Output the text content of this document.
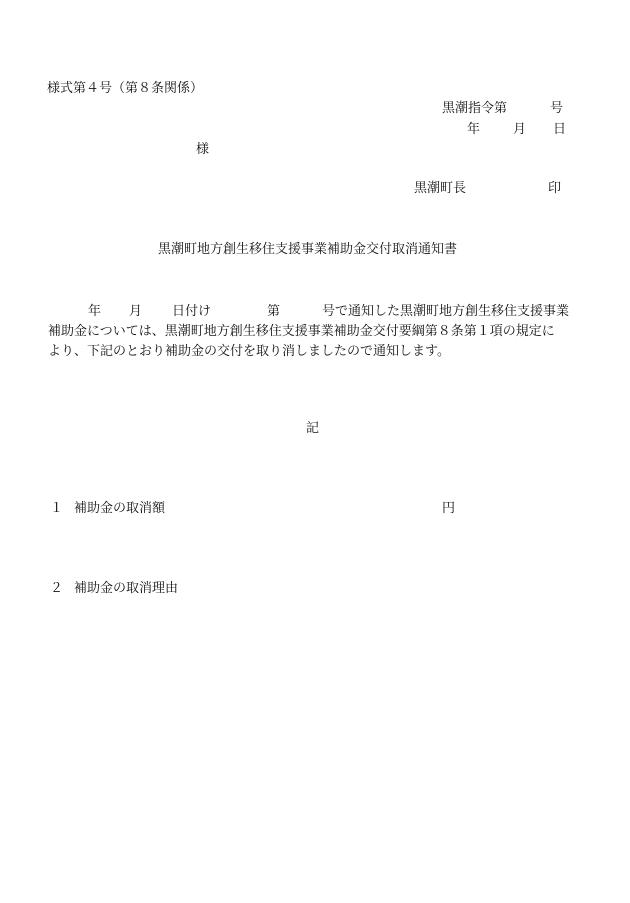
様式第４号（第８条関係）
黒潮指令第	号
年	月 日
様
黒潮町長	印
黒潮町地方創生移住支援事業補助金交付取消通知書
年 月 日付け	第	号で通知した黒潮町地方創生移住支援事業
補助金については、黒潮町地方創生移住支援事業補助金交付要綱第８条第１項の規定に
より、下記のとおり補助金の交付を取り消しましたので通知します。
記
１ 補助金の取消額	円
２ 補助金の取消理由
